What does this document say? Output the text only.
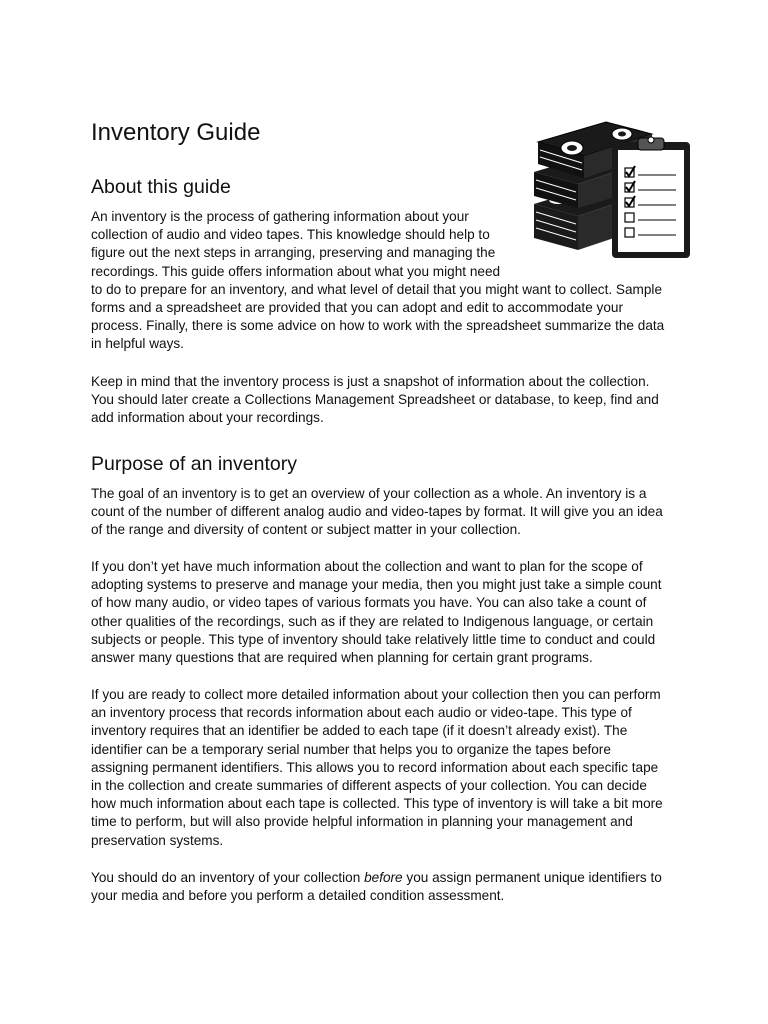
Inventory Guide
About this guide

An inventory is the process of gathering information about your
collection of audio and video tapes. This knowledge should help to
figure out the next steps in arranging, preserving and managing the
recordings. This guide offers information about what you might need
to do to prepare for an inventory, and what level of detail that you might want to collect. Sample
forms and a spreadsheet are provided that you can adopt and edit to accommodate your
process. Finally, there is some advice on how to work with the spreadsheet summarize the data
in helpful ways.

Keep in mind that the inventory process is just a snapshot of information about the collection.
You should later create a Collections Management Spreadsheet or database, to keep, find and
add information about your recordings.

Purpose of an inventory

The goal of an inventory is to get an overview of your collection as a whole. An inventory is a
count of the number of different analog audio and video-tapes by format. It will give you an idea
of the range and diversity of content or subject matter in your collection.

If you don’t yet have much information about the collection and want to plan for the scope of
adopting systems to preserve and manage your media, then you might just take a simple count
of how many audio, or video tapes of various formats you have. You can also take a count of
other qualities of the recordings, such as if they are related to Indigenous language, or certain
subjects or people. This type of inventory should take relatively little time to conduct and could
answer many questions that are required when planning for certain grant programs.

If you are ready to collect more detailed information about your collection then you can perform
an inventory process that records information about each audio or video-tape. This type of
inventory requires that an identifier be added to each tape (if it doesn’t already exist). The
identifier can be a temporary serial number that helps you to organize the tapes before
assigning permanent identifiers. This allows you to record information about each specific tape
in the collection and create summaries of different aspects of your collection. You can decide
how much information about each tape is collected. This type of inventory is will take a bit more
time to perform, but will also provide helpful information in planning your management and
preservation systems.

You should do an inventory of your collection before you assign permanent unique identifiers to
your media and before you perform a detailed condition assessment.
